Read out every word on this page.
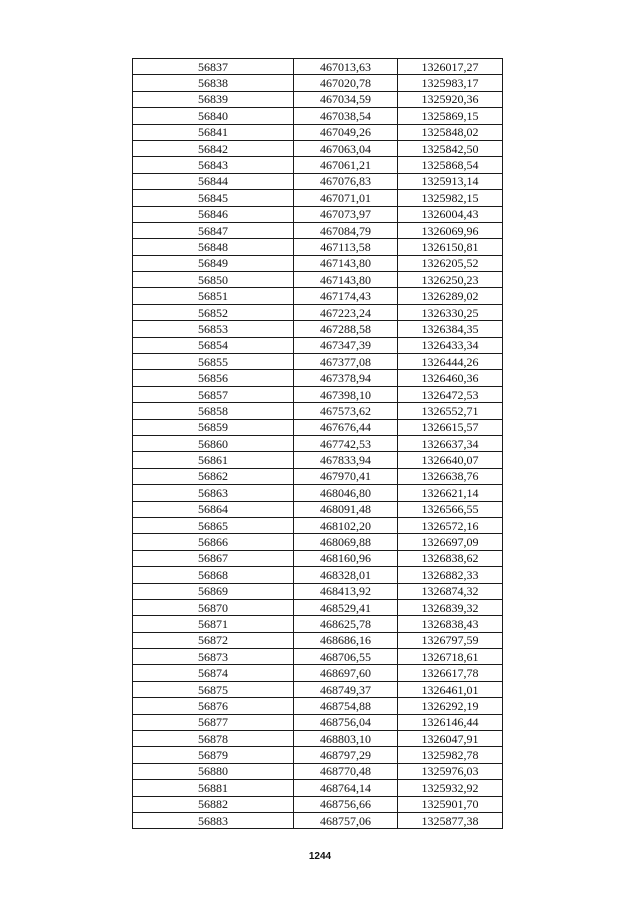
56837	467013,63	1326017,27
56838	467020,78	1325983,17
56839	467034,59	1325920,36
56840	467038,54	1325869,15
56841	467049,26	1325848,02
56842	467063,04	1325842,50
56843	467061,21	1325868,54
56844	467076,83	1325913,14
56845	467071,01	1325982,15
56846	467073,97	1326004,43
56847	467084,79	1326069,96
56848	467113,58	1326150,81
56849	467143,80	1326205,52
56850	467143,80	1326250,23
56851	467174,43	1326289,02
56852	467223,24	1326330,25
56853	467288,58	1326384,35
56854	467347,39	1326433,34
56855	467377,08	1326444,26
56856	467378,94	1326460,36
56857	467398,10	1326472,53
56858	467573,62	1326552,71
56859	467676,44	1326615,57
56860	467742,53	1326637,34
56861	467833,94	1326640,07
56862	467970,41	1326638,76
56863	468046,80	1326621,14
56864	468091,48	1326566,55
56865	468102,20	1326572,16
56866	468069,88	1326697,09
56867	468160,96	1326838,62
56868	468328,01	1326882,33
56869	468413,92	1326874,32
56870	468529,41	1326839,32
56871	468625,78	1326838,43
56872	468686,16	1326797,59
56873	468706,55	1326718,61
56874	468697,60	1326617,78
56875	468749,37	1326461,01
56876	468754,88	1326292,19
56877	468756,04	1326146,44
56878	468803,10	1326047,91
56879	468797,29	1325982,78
56880	468770,48	1325976,03
56881	468764,14	1325932,92
56882	468756,66	1325901,70
56883	468757,06	1325877,38
1244
